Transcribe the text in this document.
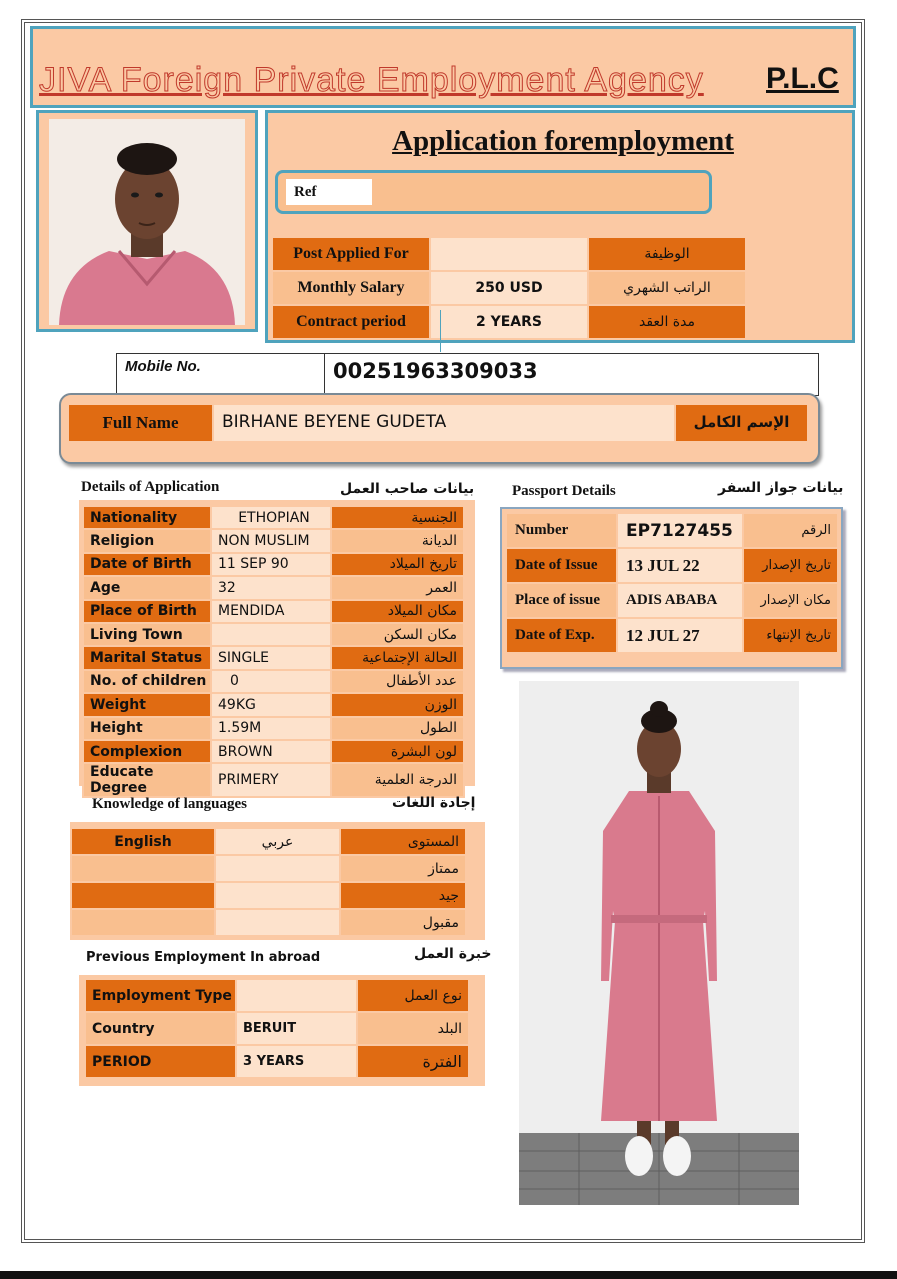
JIVA Foreign Private Employment Agency P.L.C
Application foremployment
Ref
Post Applied For		الوظيفة
Monthly Salary	250 USD	الراتب الشهري
Contract period	2 YEARS	مدة العقد
Mobile No.	00251963309033
Full Name	BIRHANE BEYENE GUDETA	الإسم الكامل
Details of Application	بيانات صاحب العمل
Nationality	ETHOPIAN	الجنسية
Religion	NON MUSLIM	الديانة
Date of Birth	11 SEP 90	تاريخ الميلاد
Age	32	العمر
Place of Birth	MENDIDA	مكان الميلاد
Living Town		مكان السكن
Marital Status	SINGLE	الحالة الإجتماعية
No. of children	0	عدد الأطفال
Weight	49KG	الوزن
Height	1.59M	الطول
Complexion	BROWN	لون البشرة
Educate Degree	PRIMERY	الدرجة العلمية
Passport Details	بيانات جواز السفر
Number	EP7127455	الرقم
Date of Issue	13 JUL 22	تاريخ الإصدار
Place of issue	ADIS ABABA	مكان الإصدار
Date of Exp.	12 JUL 27	تاريخ الإنتهاء
Knowledge of languages	إجادة اللغات
English	عربي	المستوى
		ممتاز
		جيد
		مقبول
Previous Employment In abroad	خبرة العمل
Employment Type		نوع العمل
Country	BERUIT	البلد
PERIOD	3 YEARS	الفترة
